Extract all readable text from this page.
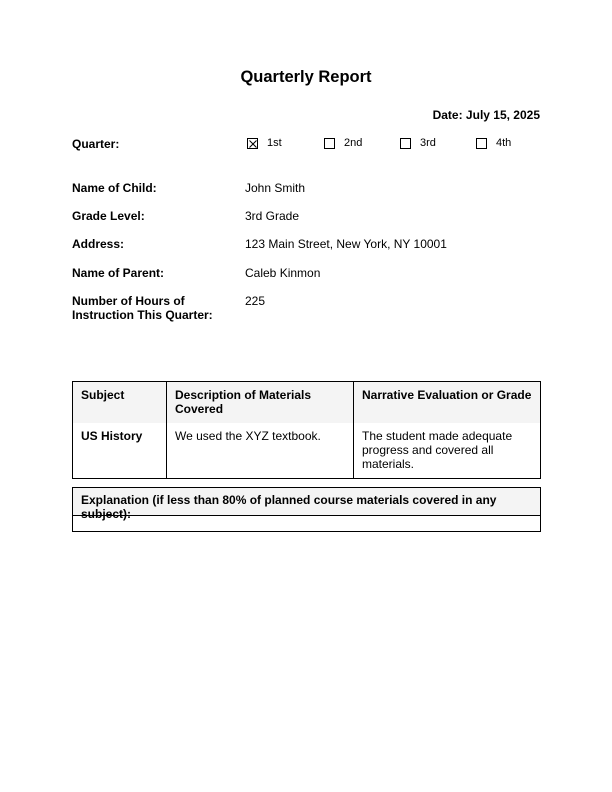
Quarterly Report
Date: July 15, 2025
Quarter:	1st	2nd	3rd	4th
Name of Child:	John Smith
Grade Level:	3rd Grade
Address:	123 Main Street, New York, NY 10001
Name of Parent:	Caleb Kinmon
Number of Hours of Instruction This Quarter:
225
Subject	Description of Materials Covered	Narrative Evaluation or Grade
US History	We used the XYZ textbook.	The student made adequate progress and covered all materials.
Explanation (if less than 80% of planned course materials covered in any subject):
